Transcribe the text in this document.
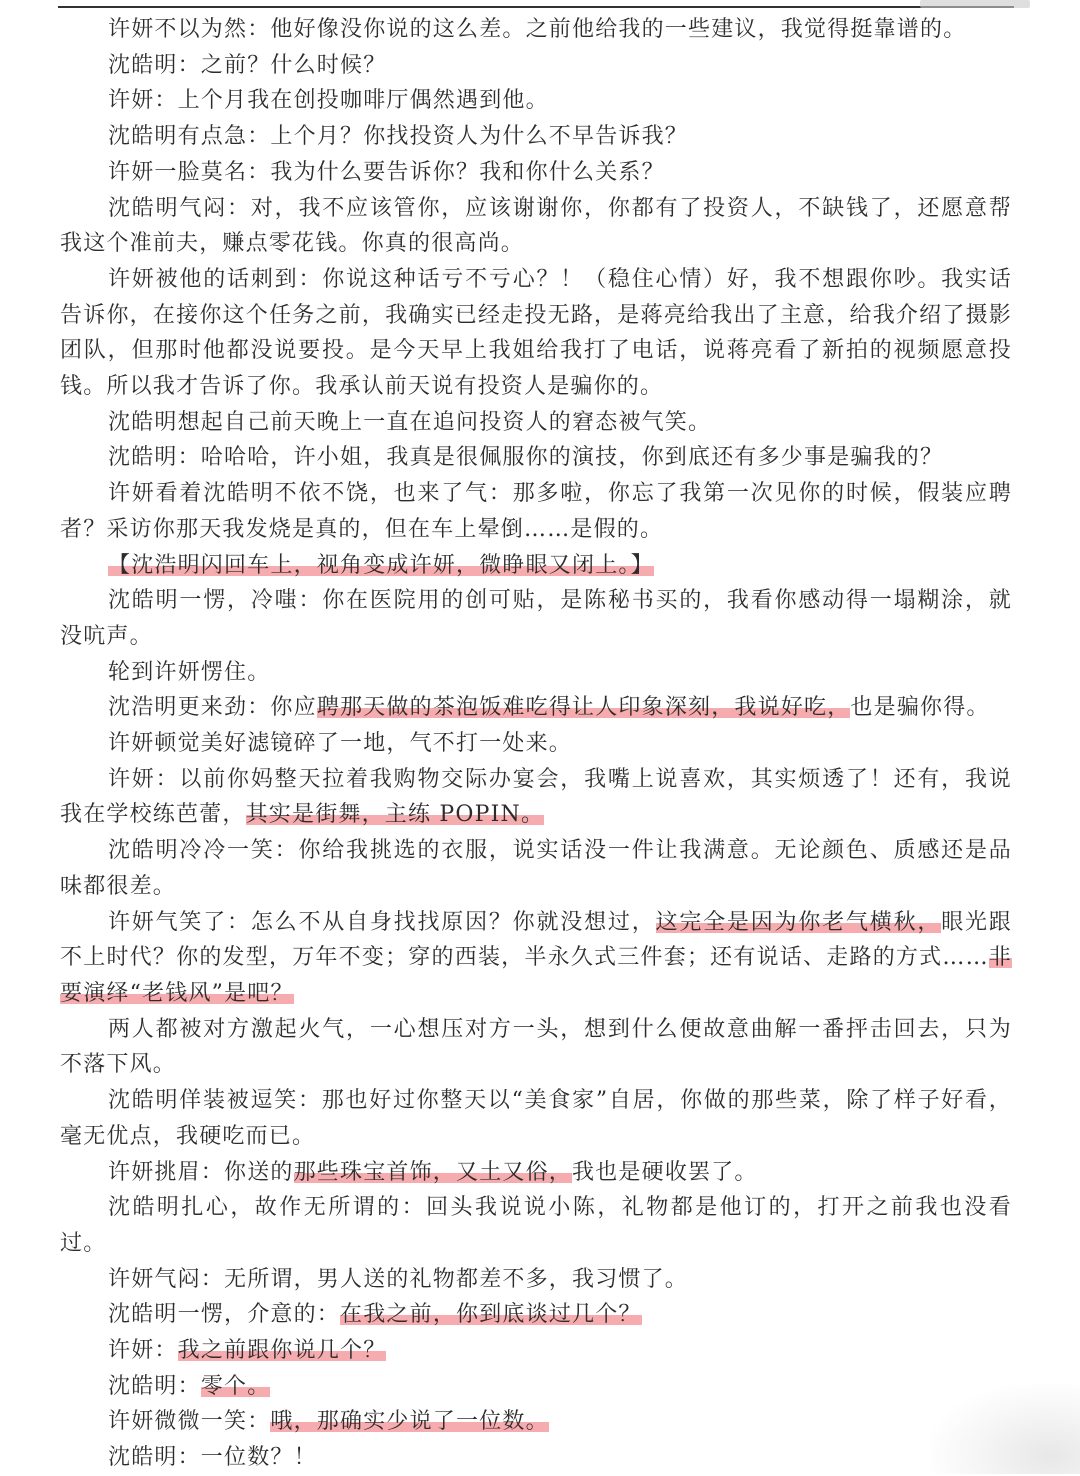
许妍不以为然：他好像没你说的这么差。之前他给我的一些建议，我觉得挺靠谱的。

沈皓明：之前？什么时候？

许妍：上个月我在创投咖啡厅偶然遇到他。

沈皓明有点急：上个月？你找投资人为什么不早告诉我？

许妍一脸莫名：我为什么要告诉你？我和你什么关系？

沈皓明气闷：对，我不应该管你，应该谢谢你，你都有了投资人，不缺钱了，还愿意帮我这个准前夫，赚点零花钱。你真的很高尚。

许妍被他的话刺到：你说这种话亏不亏心？！（稳住心情）好，我不想跟你吵。我实话告诉你，在接你这个任务之前，我确实已经走投无路，是蒋亮给我出了主意，给我介绍了摄影团队，但那时他都没说要投。是今天早上我姐给我打了电话，说蒋亮看了新拍的视频愿意投钱。所以我才告诉了你。我承认前天说有投资人是骗你的。

沈皓明想起自己前天晚上一直在追问投资人的窘态被气笑。

沈皓明：哈哈哈，许小姐，我真是很佩服你的演技，你到底还有多少事是骗我的？

许妍看着沈皓明不依不饶，也来了气：那多啦，你忘了我第一次见你的时候，假装应聘者？采访你那天我发烧是真的，但在车上晕倒……是假的。

【沈浩明闪回车上，视角变成许妍，微睁眼又闭上。】

沈皓明一愣，冷嗤：你在医院用的创可贴，是陈秘书买的，我看你感动得一塌糊涂，就没吭声。

轮到许妍愣住。

沈浩明更来劲：你应聘那天做的茶泡饭难吃得让人印象深刻，我说好吃，也是骗你得。

许妍顿觉美好滤镜碎了一地，气不打一处来。

许妍：以前你妈整天拉着我购物交际办宴会，我嘴上说喜欢，其实烦透了！还有，我说我在学校练芭蕾，其实是街舞，主练 POPIN。

沈皓明冷冷一笑：你给我挑选的衣服，说实话没一件让我满意。无论颜色、质感还是品味都很差。

许妍气笑了：怎么不从自身找找原因？你就没想过，这完全是因为你老气横秋，眼光跟不上时代？你的发型，万年不变；穿的西装，半永久式三件套；还有说话、走路的方式……非要演绎“老钱风”是吧？

两人都被对方激起火气，一心想压对方一头，想到什么便故意曲解一番抨击回去，只为不落下风。

沈皓明佯装被逗笑：那也好过你整天以“美食家”自居，你做的那些菜，除了样子好看，毫无优点，我硬吃而已。

许妍挑眉：你送的那些珠宝首饰，又土又俗，我也是硬收罢了。

沈皓明扎心，故作无所谓的：回头我说说小陈，礼物都是他订的，打开之前我也没看过。

许妍气闷：无所谓，男人送的礼物都差不多，我习惯了。

沈皓明一愣，介意的：在我之前，你到底谈过几个？

许妍：我之前跟你说几个？

沈皓明：零个。

许妍微微一笑：哦，那确实少说了一位数。

沈皓明：一位数？！
